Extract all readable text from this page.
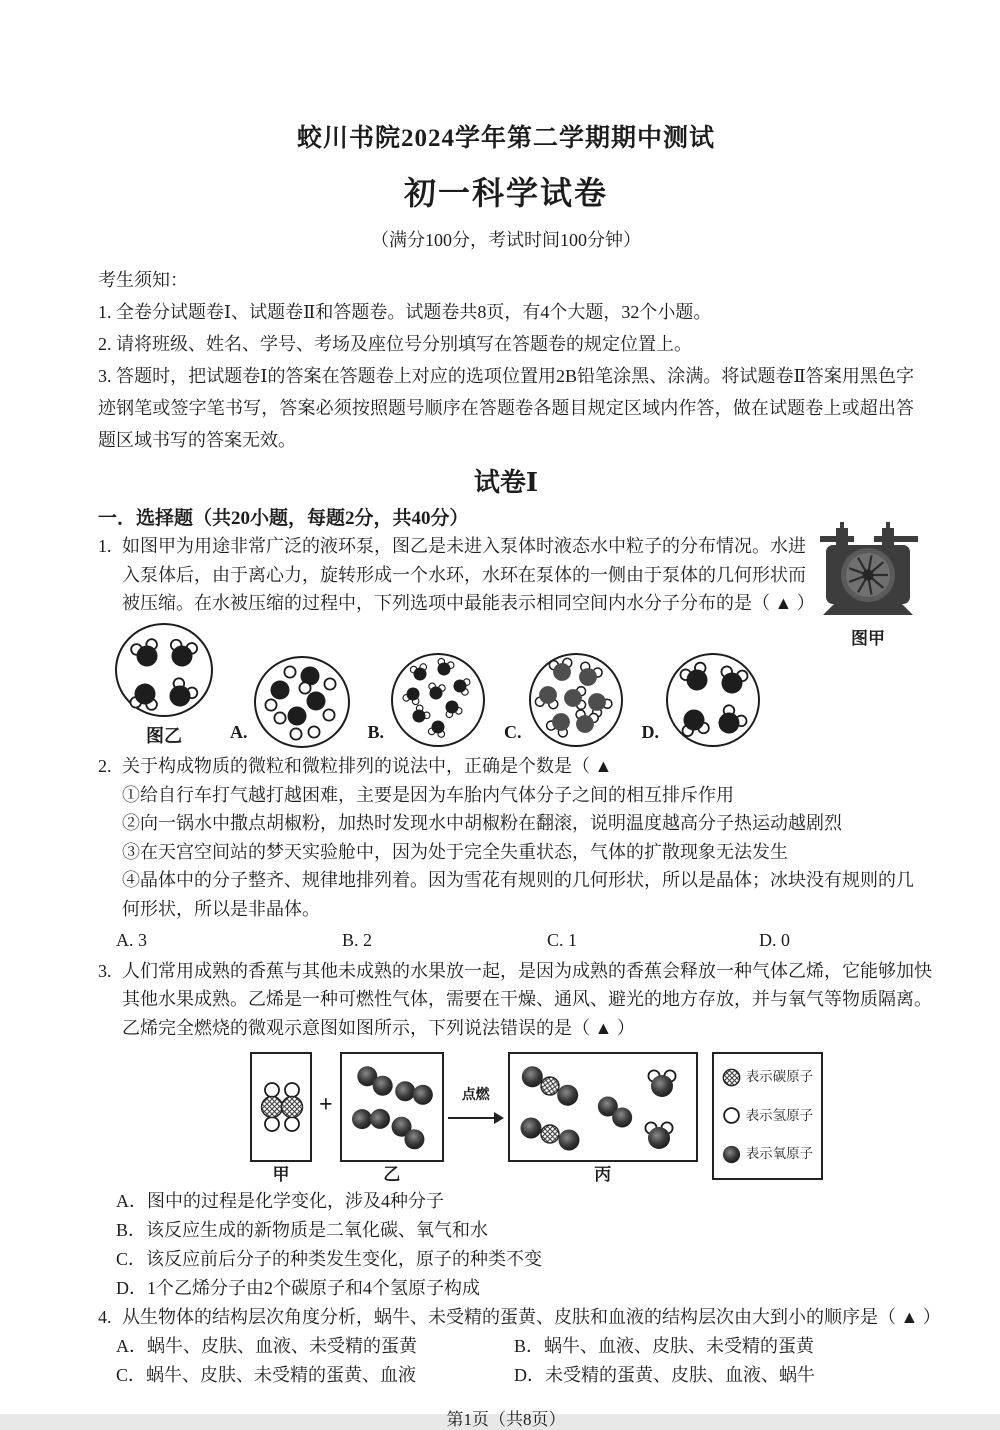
蛟川书院2024学年第二学期期中测试
初一科学试卷
（满分100分，考试时间100分钟）

考生须知：

1. 全卷分试题卷Ⅰ、试题卷Ⅱ和答题卷。试题卷共8页，有4个大题，32个小题。

2. 请将班级、姓名、学号、考场及座位号分别填写在答题卷的规定位置上。

3. 答题时，把试题卷Ⅰ的答案在答题卷上对应的选项位置用2B铅笔涂黑、涂满。将试题卷Ⅱ答案用黑色字迹钢笔或签字笔书写，答案必须按照题号顺序在答题卷各题目规定区域内作答，做在试题卷上或超出答题区域书写的答案无效。

试卷Ⅰ
一．选择题（共20小题，每题2分，共40分）
图甲
1. 如图甲为用途非常广泛的液环泵，图乙是未进入泵体时液态水中粒子的分布情况。水进
入泵体后，由于离心力，旋转形成一个水环，水环在泵体的一侧由于泵体的几何形状而
被压缩。在水被压缩的过程中，下列选项中最能表示相同空间内水分子分布的是（ ▲ ）
图乙	A.	B.	C.	D.
2. 关于构成物质的微粒和微粒排列的说法中，正确是个数是（ ▲
①给自行车打气越打越困难，主要是因为车胎内气体分子之间的相互排斥作用
②向一锅水中撒点胡椒粉，加热时发现水中胡椒粉在翻滚，说明温度越高分子热运动越剧烈
③在天宫空间站的梦天实验舱中，因为处于完全失重状态，气体的扩散现象无法发生
④晶体中的分子整齐、规律地排列着。因为雪花有规则的几何形状，所以是晶体；冰块没有规则的几何形状，所以是非晶体。
A. 3	B. 2	C. 1	D. 0
3. 人们常用成熟的香蕉与其他未成熟的水果放一起，是因为成熟的香蕉会释放一种气体乙烯，它能够加快
其他水果成熟。乙烯是一种可燃性气体，需要在干燥、通风、避光的地方存放，并与氧气等物质隔离。
乙烯完全燃烧的微观示意图如图所示，下列说法错误的是（ ▲ ）
甲
+
乙
点燃
丙
表示碳原子
表示氢原子
表示氧原子
A．图中的过程是化学变化，涉及4种分子
B．该反应生成的新物质是二氧化碳、氧气和水
C．该反应前后分子的种类发生变化，原子的种类不变
D．1个乙烯分子由2个碳原子和4个氢原子构成
4. 从生物体的结构层次角度分析，蜗牛、未受精的蛋黄、皮肤和血液的结构层次由大到小的顺序是（ ▲ ）
A．蜗牛、皮肤、血液、未受精的蛋黄	B．蜗牛、血液、皮肤、未受精的蛋黄
C．蜗牛、皮肤、未受精的蛋黄、血液	D．未受精的蛋黄、皮肤、血液、蜗牛
第1页（共8页）
